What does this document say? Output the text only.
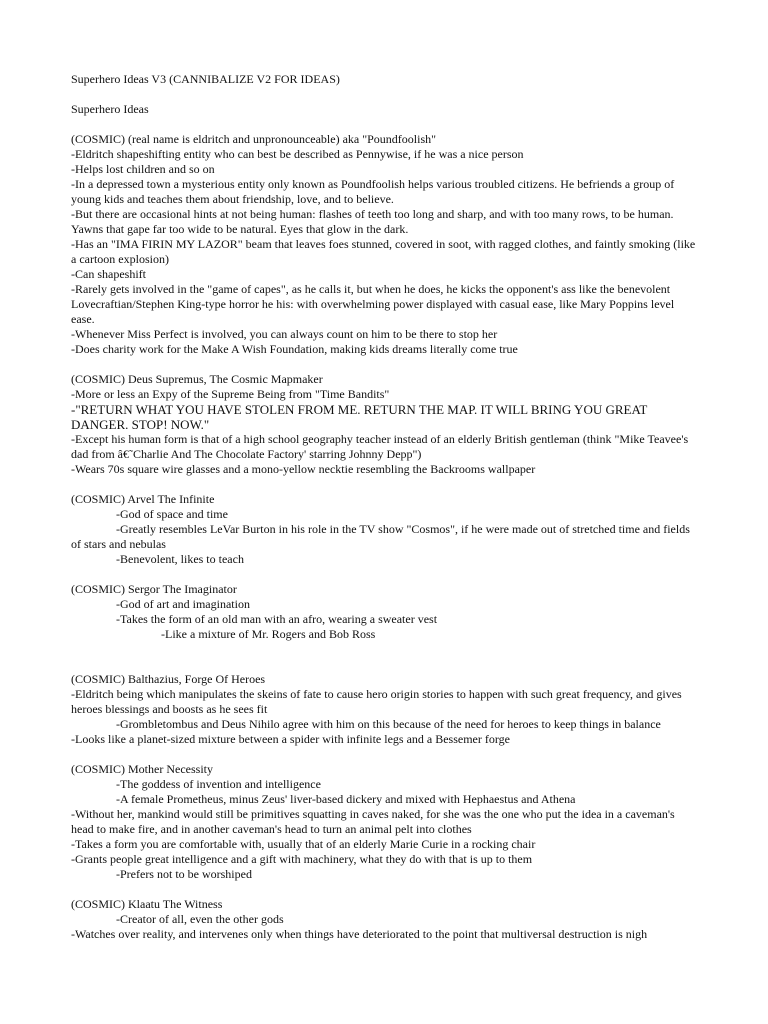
Superhero Ideas V3 (CANNIBALIZE V2 FOR IDEAS)

Superhero Ideas

(COSMIC) (real name is eldritch and unpronounceable) aka "Poundfoolish"

-Eldritch shapeshifting entity who can best be described as Pennywise, if he was a nice person

-Helps lost children and so on

-In a depressed town a mysterious entity only known as Poundfoolish helps various troubled citizens. He befriends a group of young kids and teaches them about friendship, love, and to believe.

-But there are occasional hints at not being human: flashes of teeth too long and sharp, and with too many rows, to be human. Yawns that gape far too wide to be natural. Eyes that glow in the dark.

-Has an "IMA FIRIN MY LAZOR" beam that leaves foes stunned, covered in soot, with ragged clothes, and faintly smoking (like a cartoon explosion)

-Can shapeshift

-Rarely gets involved in the "game of capes", as he calls it, but when he does, he kicks the opponent's ass like the benevolent Lovecraftian/Stephen King-type horror he his: with overwhelming power displayed with casual ease, like Mary Poppins level ease.

-Whenever Miss Perfect is involved, you can always count on him to be there to stop her

-Does charity work for the Make A Wish Foundation, making kids dreams literally come true

(COSMIC) Deus Supremus, The Cosmic Mapmaker

-More or less an Expy of the Supreme Being from "Time Bandits"

-"RETURN WHAT YOU HAVE STOLEN FROM ME. RETURN THE MAP. IT WILL BRING YOU GREAT DANGER. STOP! NOW."

-Except his human form is that of a high school geography teacher instead of an elderly British gentleman (think "Mike Teavee's dad from â€˜Charlie And The Chocolate Factory' starring Johnny Depp")

-Wears 70s square wire glasses and a mono-yellow necktie resembling the Backrooms wallpaper

(COSMIC) Arvel The Infinite

-God of space and time

-Greatly resembles LeVar Burton in his role in the TV show "Cosmos", if he were made out of stretched time and fields of stars and nebulas

-Benevolent, likes to teach

(COSMIC) Sergor The Imaginator

-God of art and imagination

-Takes the form of an old man with an afro, wearing a sweater vest

-Like a mixture of Mr. Rogers and Bob Ross

(COSMIC) Balthazius, Forge Of Heroes

-Eldritch being which manipulates the skeins of fate to cause hero origin stories to happen with such great frequency, and gives heroes blessings and boosts as he sees fit

-Grombletombus and Deus Nihilo agree with him on this because of the need for heroes to keep things in balance

-Looks like a planet-sized mixture between a spider with infinite legs and a Bessemer forge

(COSMIC) Mother Necessity

-The goddess of invention and intelligence

-A female Prometheus, minus Zeus' liver-based dickery and mixed with Hephaestus and Athena

-Without her, mankind would still be primitives squatting in caves naked, for she was the one who put the idea in a caveman's head to make fire, and in another caveman's head to turn an animal pelt into clothes

-Takes a form you are comfortable with, usually that of an elderly Marie Curie in a rocking chair

-Grants people great intelligence and a gift with machinery, what they do with that is up to them

-Prefers not to be worshiped

(COSMIC) Klaatu The Witness

-Creator of all, even the other gods

-Watches over reality, and intervenes only when things have deteriorated to the point that multiversal destruction is nigh
